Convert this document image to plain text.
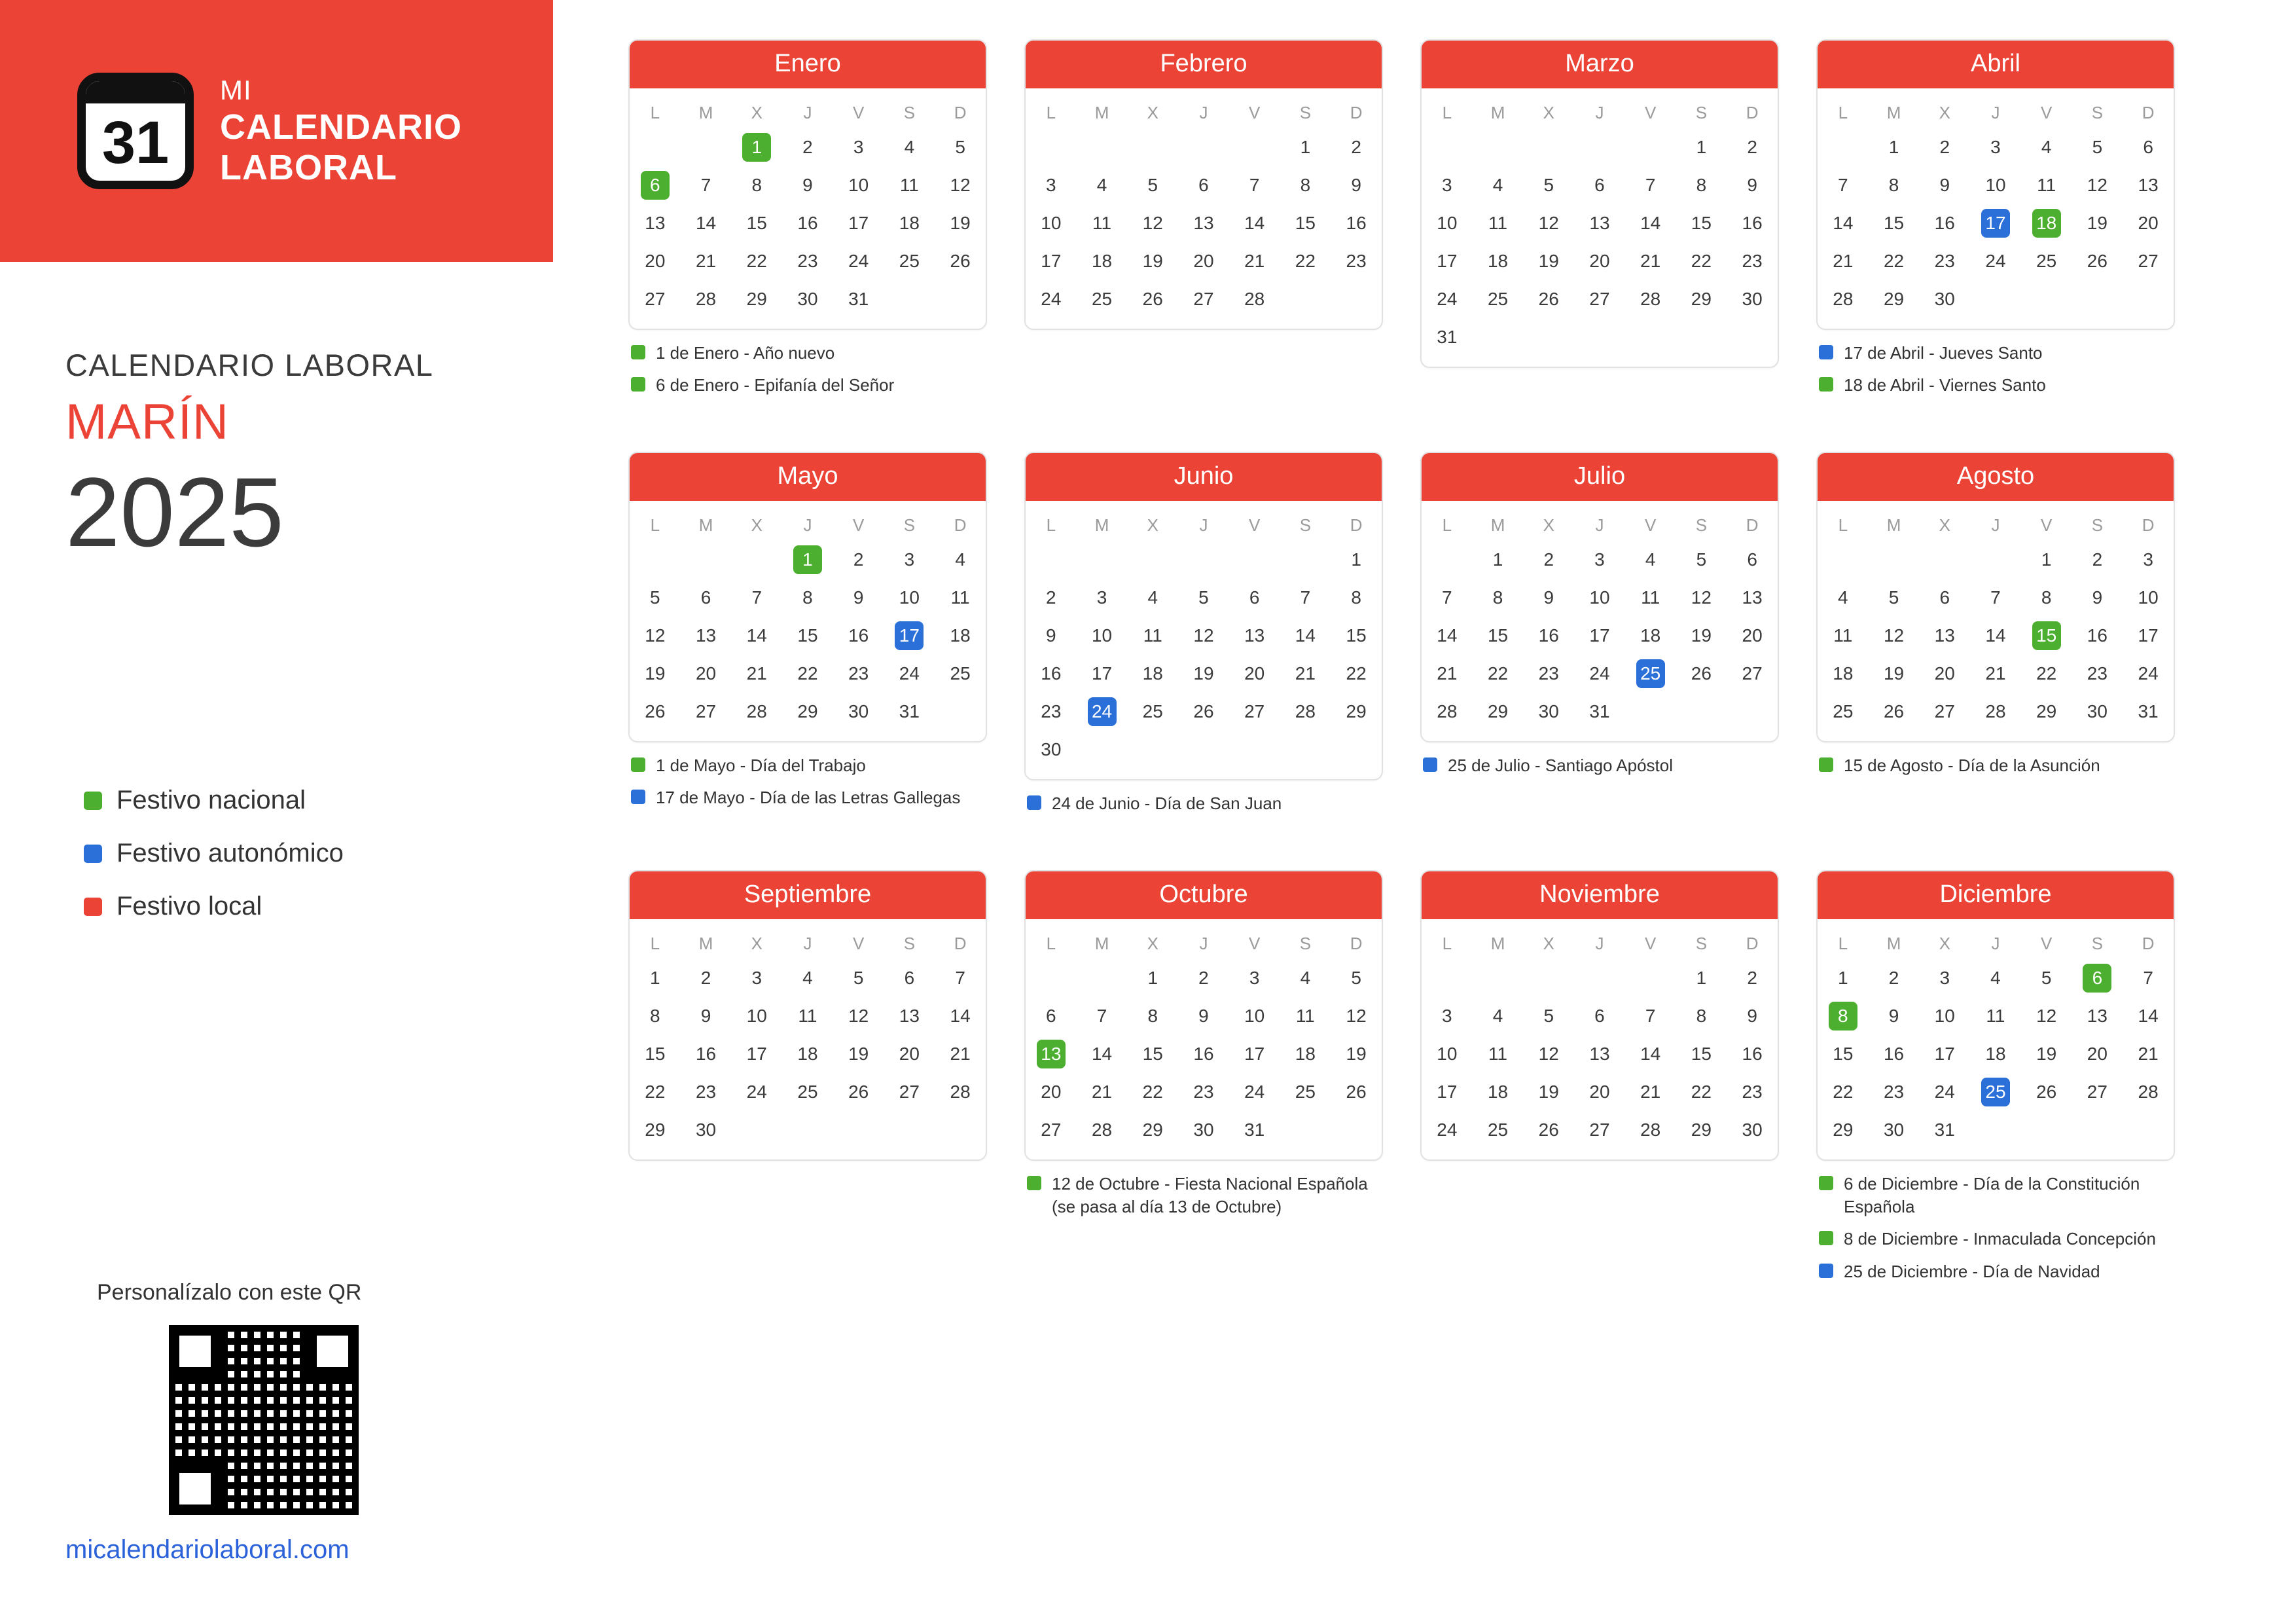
31
MI
CALENDARIO
LABORAL
CALENDARIO LABORAL
MARÍN
2025
Festivo nacional
Festivo autonómico
Festivo local
Personalízalo con este QR
micalendariolaboral.com
Enero
L	M	X	J	V	S	D
		1	2	3	4	5
6	7	8	9	10	11	12
13	14	15	16	17	18	19
20	21	22	23	24	25	26
27	28	29	30	31		
1 de Enero - Año nuevo
6 de Enero - Epifanía del Señor
Febrero
L	M	X	J	V	S	D
					1	2
3	4	5	6	7	8	9
10	11	12	13	14	15	16
17	18	19	20	21	22	23
24	25	26	27	28		
Marzo
L	M	X	J	V	S	D
					1	2
3	4	5	6	7	8	9
10	11	12	13	14	15	16
17	18	19	20	21	22	23
24	25	26	27	28	29	30
31						
Abril
L	M	X	J	V	S	D
	1	2	3	4	5	6
7	8	9	10	11	12	13
14	15	16	17	18	19	20
21	22	23	24	25	26	27
28	29	30				
17 de Abril - Jueves Santo
18 de Abril - Viernes Santo
Mayo
L	M	X	J	V	S	D
			1	2	3	4
5	6	7	8	9	10	11
12	13	14	15	16	17	18
19	20	21	22	23	24	25
26	27	28	29	30	31	
1 de Mayo - Día del Trabajo
17 de Mayo - Día de las Letras Gallegas
Junio
L	M	X	J	V	S	D
						1
2	3	4	5	6	7	8
9	10	11	12	13	14	15
16	17	18	19	20	21	22
23	24	25	26	27	28	29
30						
24 de Junio - Día de San Juan
Julio
L	M	X	J	V	S	D
	1	2	3	4	5	6
7	8	9	10	11	12	13
14	15	16	17	18	19	20
21	22	23	24	25	26	27
28	29	30	31			
25 de Julio - Santiago Apóstol
Agosto
L	M	X	J	V	S	D
				1	2	3
4	5	6	7	8	9	10
11	12	13	14	15	16	17
18	19	20	21	22	23	24
25	26	27	28	29	30	31
15 de Agosto - Día de la Asunción
Septiembre
L	M	X	J	V	S	D
1	2	3	4	5	6	7
8	9	10	11	12	13	14
15	16	17	18	19	20	21
22	23	24	25	26	27	28
29	30					
Octubre
L	M	X	J	V	S	D
		1	2	3	4	5
6	7	8	9	10	11	12
13	14	15	16	17	18	19
20	21	22	23	24	25	26
27	28	29	30	31		
12 de Octubre - Fiesta Nacional Española (se pasa al día 13 de Octubre)
Noviembre
L	M	X	J	V	S	D
					1	2
3	4	5	6	7	8	9
10	11	12	13	14	15	16
17	18	19	20	21	22	23
24	25	26	27	28	29	30
Diciembre
L	M	X	J	V	S	D
1	2	3	4	5	6	7
8	9	10	11	12	13	14
15	16	17	18	19	20	21
22	23	24	25	26	27	28
29	30	31				
6 de Diciembre - Día de la Constitución Española
8 de Diciembre - Inmaculada Concepción
25 de Diciembre - Día de Navidad
